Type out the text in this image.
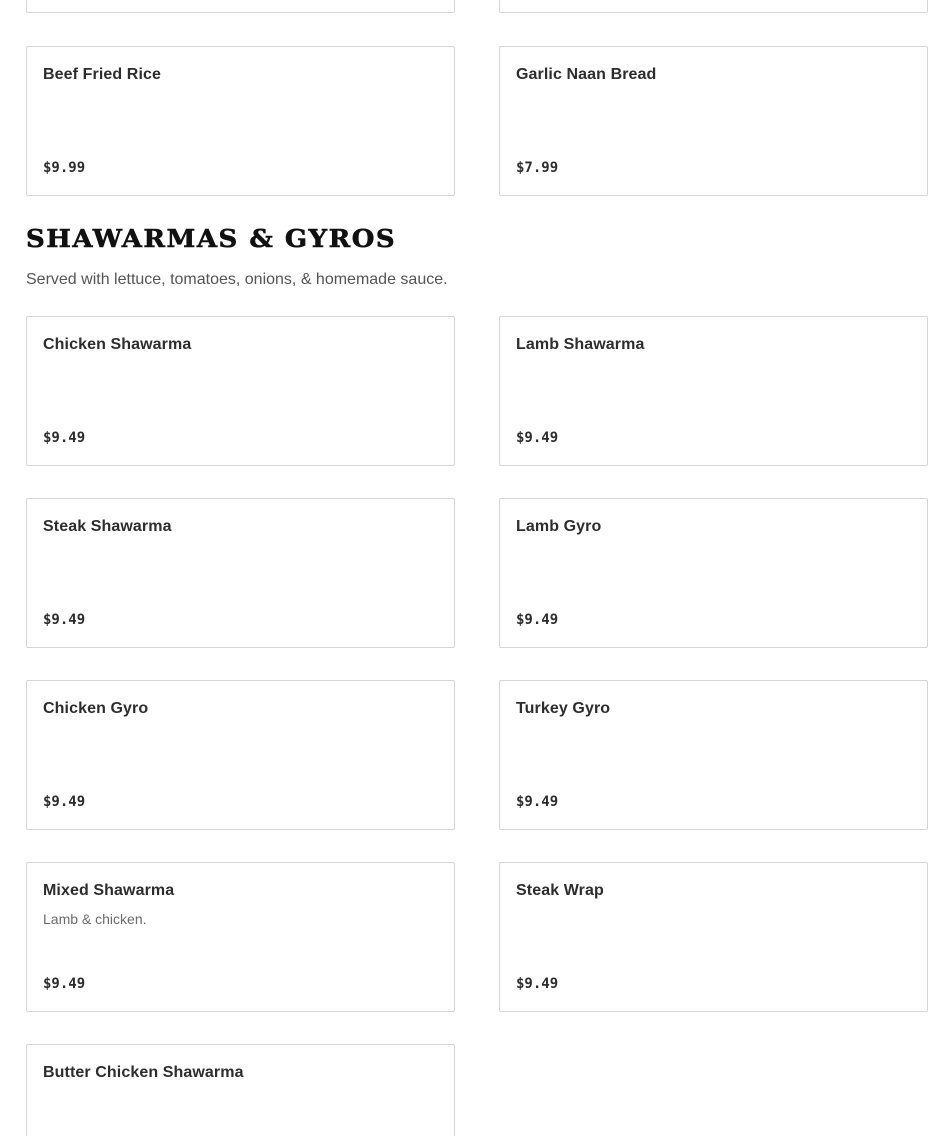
Beef Fried Rice
$9.99
Garlic Naan Bread
$7.99
SHAWARMAS & GYROS

Served with lettuce, tomatoes, onions, & homemade sauce.

Chicken Shawarma
$9.49
Lamb Shawarma
$9.49
Steak Shawarma
$9.49
Lamb Gyro
$9.49
Chicken Gyro
$9.49
Turkey Gyro
$9.49
Mixed Shawarma
Lamb & chicken.
$9.49
Steak Wrap
$9.49
Butter Chicken Shawarma
